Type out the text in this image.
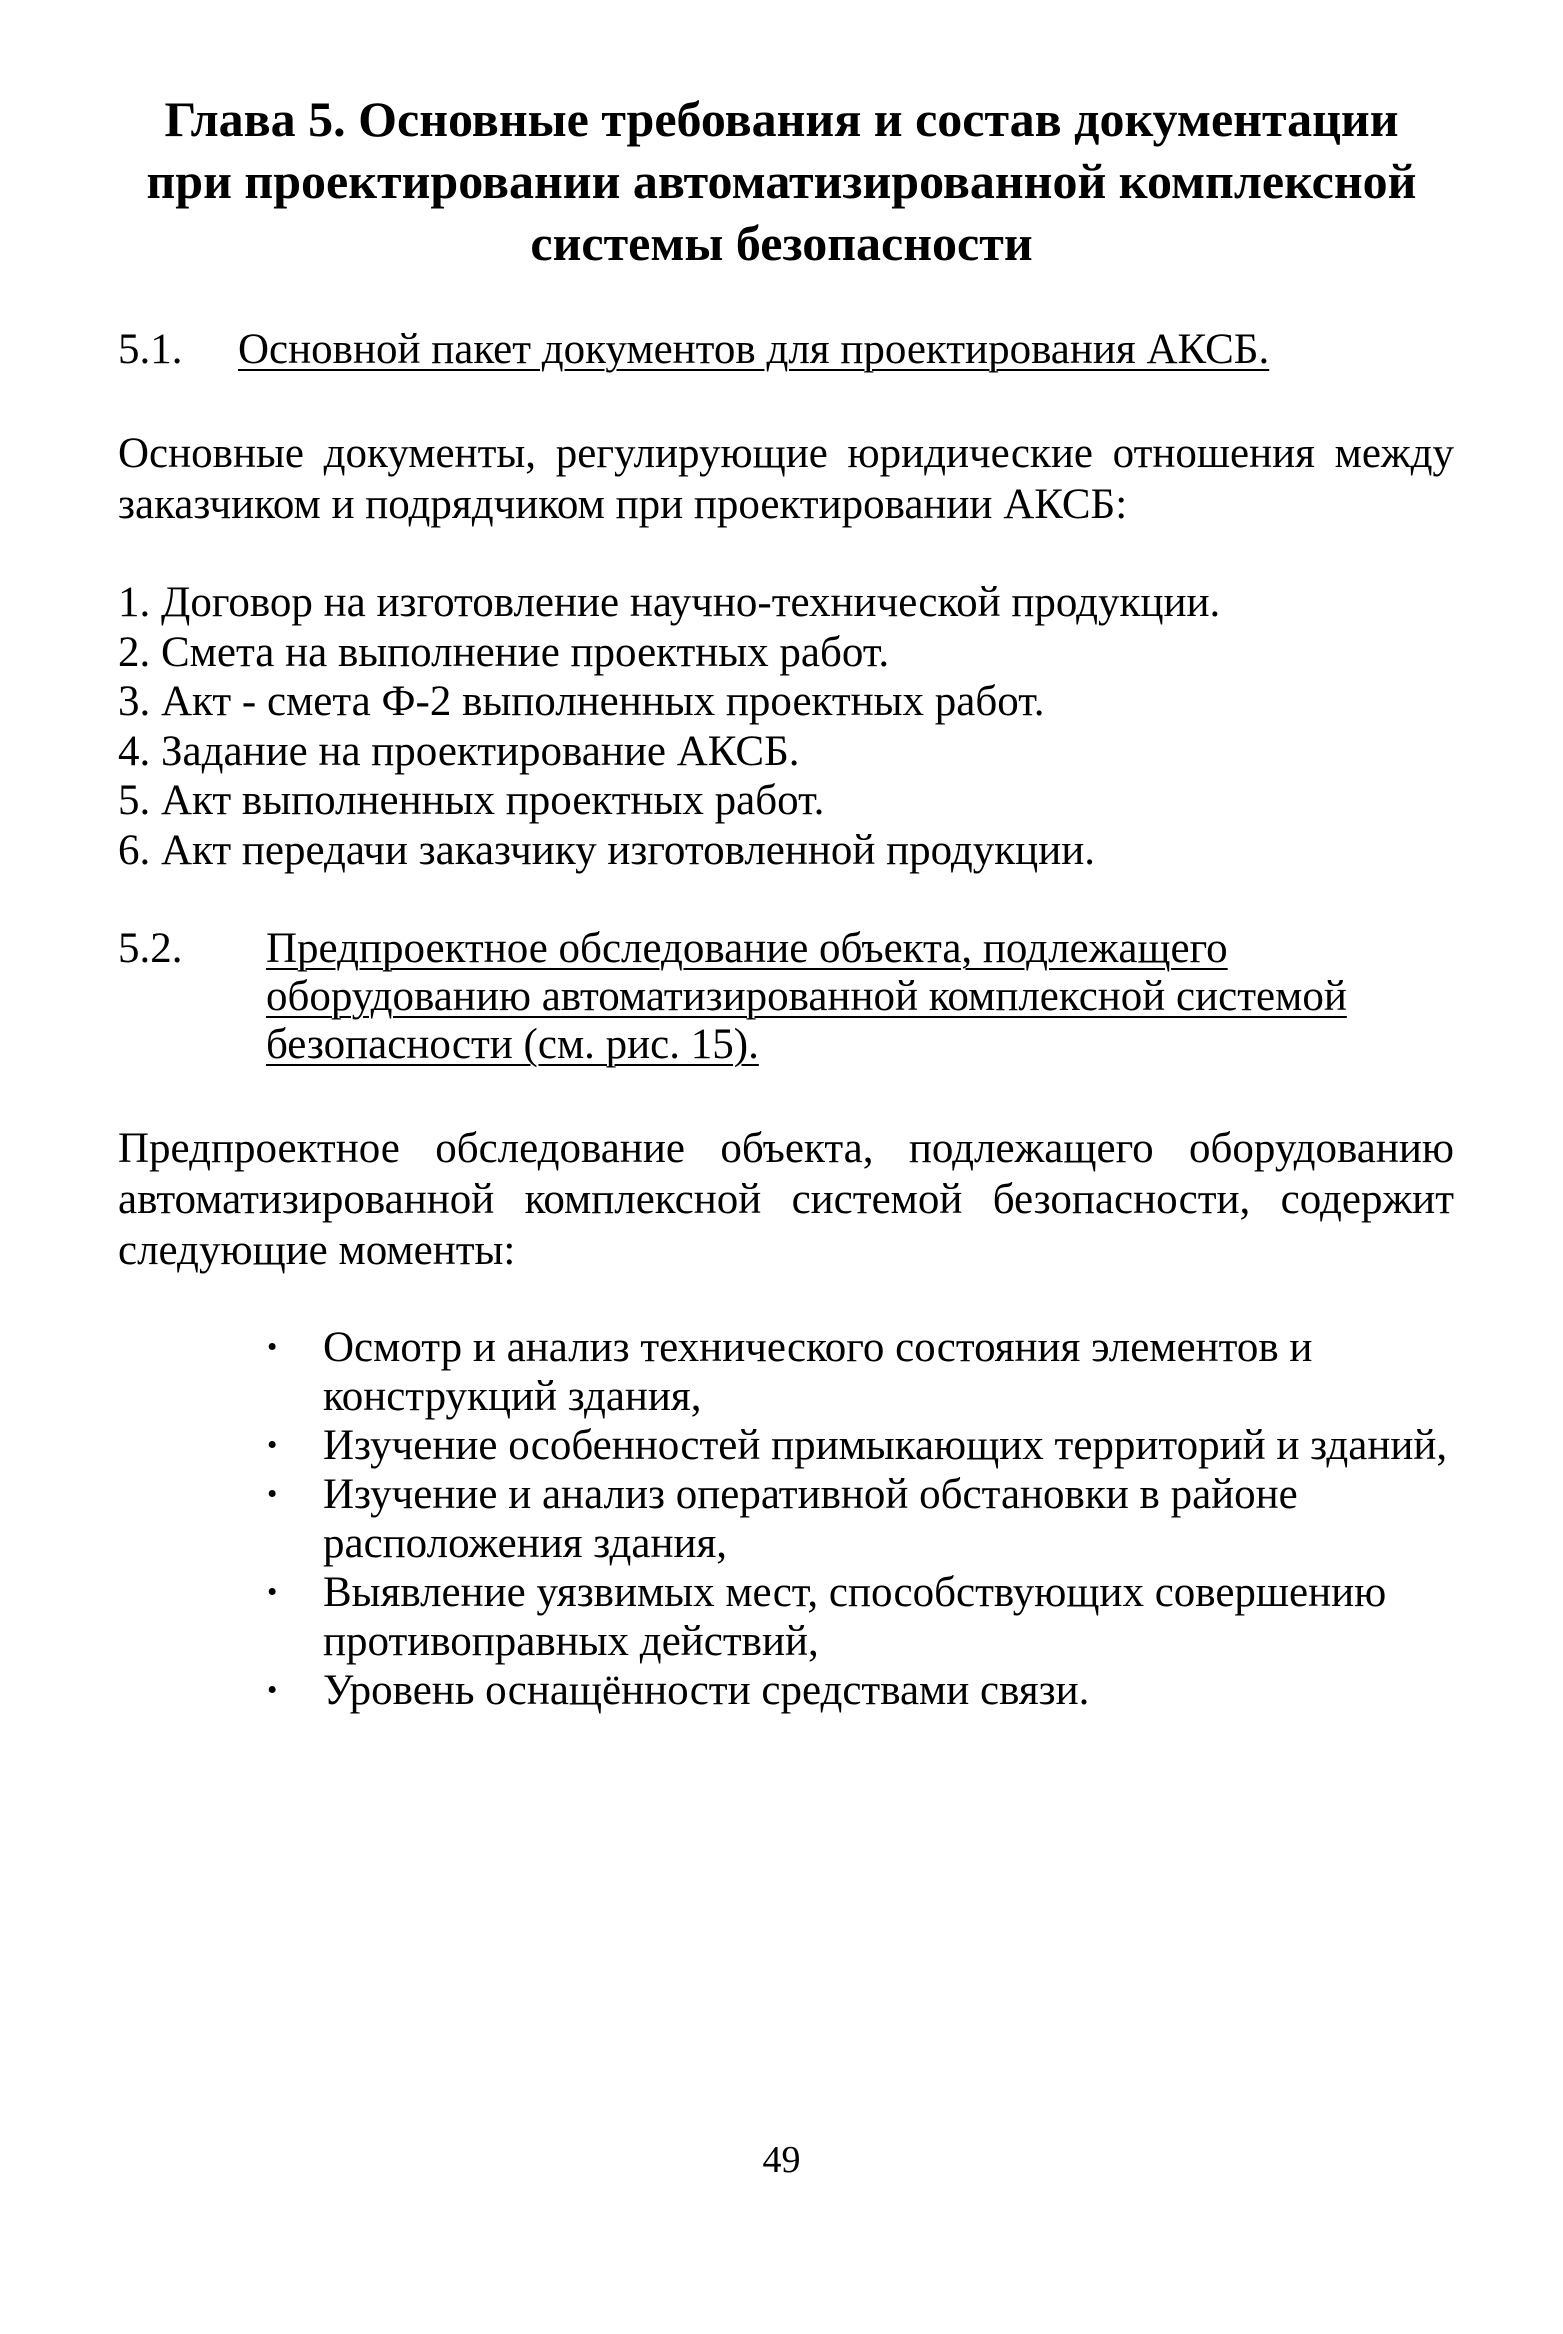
Глава 5. Основные требования и состав документации
при проектировании автоматизированной комплексной
системы безопасности
5.1. Основной пакет документов для проектирования АКСБ.

Основные документы, регулирующие юридические отношения между заказчиком и подрядчиком при проектировании АКСБ:

1. Договор на изготовление научно-технической продукции.
2. Смета на выполнение проектных работ.
3. Акт - смета Ф-2 выполненных проектных работ.
4. Задание на проектирование АКСБ.
5. Акт выполненных проектных работ.
6. Акт передачи заказчику изготовленной продукции.
5.2. Предпроектное обследование объекта, подлежащего
оборудованию автоматизированной комплексной системой
безопасности (см. рис. 15).

Предпроектное обследование объекта, подлежащего оборудованию автоматизированной комплексной системой безопасности, содержит следующие моменты:

· Осмотр и анализ технического состояния элементов и
конструкций здания,
· Изучение особенностей примыкающих территорий и зданий,
· Изучение и анализ оперативной обстановки в районе
расположения здания,
· Выявление уязвимых мест, способствующих совершению
противоправных действий,
· Уровень оснащённости средствами связи.
49
